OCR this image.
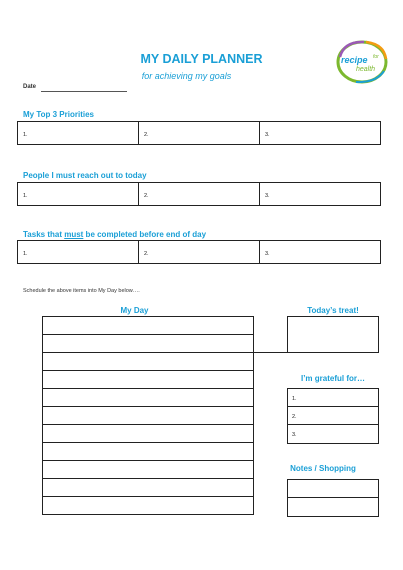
MY DAILY PLANNER
for achieving my goals
Date
recipe for
health
My Top 3 Priorities
1.	2.	3.
People I must reach out to today
1.	2.	3.
Tasks that must be completed before end of day
1.	2.	3.
Schedule the above items into My Day below….
My Day	Today’s treat!
I’m grateful for…
1.
2.
3.
Notes / Shopping
